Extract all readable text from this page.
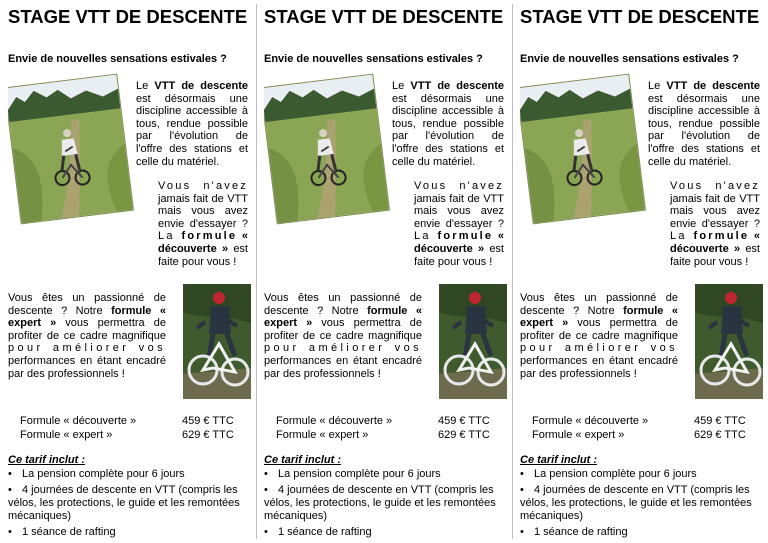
STAGE VTT DE DESCENTE
Envie de nouvelles sensations estivales ?
Le VTT de descente est désormais une discipline accessible à tous, rendue possible par l'évolution de l'offre des stations et celle du matériel.
Vous n'avez jamais fait de VTT mais vous avez envie d'essayer ? La formule « découverte » est faite pour vous !
Vous êtes un passionné de descente ? Notre formule « expert » vous permettra de profiter de ce cadre magnifique pour améliorer vos performances en étant encadré par des professionnels !
Formule « découverte »	459 € TTC
Formule « expert »	629 € TTC
Ce tarif inclut :
• La pension complète pour 6 jours
• 4 journées de descente en VTT (compris les vélos, les protections, le guide et les remontées mécaniques)
• 1 séance de rafting
STAGE VTT DE DESCENTE
Envie de nouvelles sensations estivales ?
Le VTT de descente est désormais une discipline accessible à tous, rendue possible par l'évolution de l'offre des stations et celle du matériel.
Vous n'avez jamais fait de VTT mais vous avez envie d'essayer ? La formule « découverte » est faite pour vous !
Vous êtes un passionné de descente ? Notre formule « expert » vous permettra de profiter de ce cadre magnifique pour améliorer vos performances en étant encadré par des professionnels !
Formule « découverte »	459 € TTC
Formule « expert »	629 € TTC
Ce tarif inclut :
• La pension complète pour 6 jours
• 4 journées de descente en VTT (compris les vélos, les protections, le guide et les remontées mécaniques)
• 1 séance de rafting
STAGE VTT DE DESCENTE
Envie de nouvelles sensations estivales ?
Le VTT de descente est désormais une discipline accessible à tous, rendue possible par l'évolution de l'offre des stations et celle du matériel.
Vous n'avez jamais fait de VTT mais vous avez envie d'essayer ? La formule « découverte » est faite pour vous !
Vous êtes un passionné de descente ? Notre formule « expert » vous permettra de profiter de ce cadre magnifique pour améliorer vos performances en étant encadré par des professionnels !
Formule « découverte »	459 € TTC
Formule « expert »	629 € TTC
Ce tarif inclut :
• La pension complète pour 6 jours
• 4 journées de descente en VTT (compris les vélos, les protections, le guide et les remontées mécaniques)
• 1 séance de rafting
